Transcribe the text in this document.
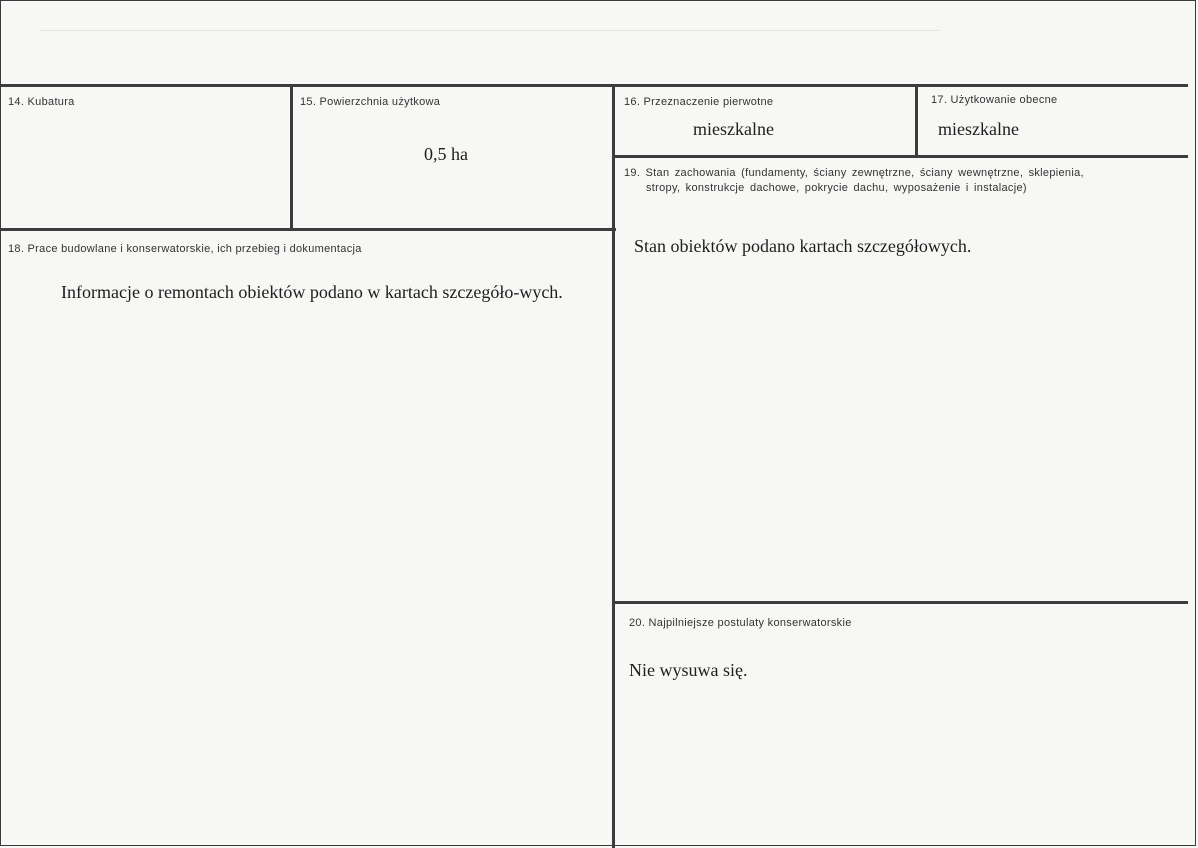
14. Kubatura	15. Powierzchnia użytkowa
0,5 ha
16. Przeznaczenie pierwotne
mieszkalne
17. Użytkowanie obecne
mieszkalne
19. Stan zachowania (fundamenty, ściany zewnętrzne, ściany wewnętrzne, sklepienia,
stropy, konstrukcje dachowe, pokrycie dachu, wyposażenie i instalacje)
Stan obiektów podano kartach szczegółowych.
18. Prace budowlane i konserwatorskie, ich przebieg i dokumentacja
Informacje o remontach obiektów podano w kartach szczegóło-wych.
20. Najpilniejsze postulaty konserwatorskie
Nie wysuwa się.
